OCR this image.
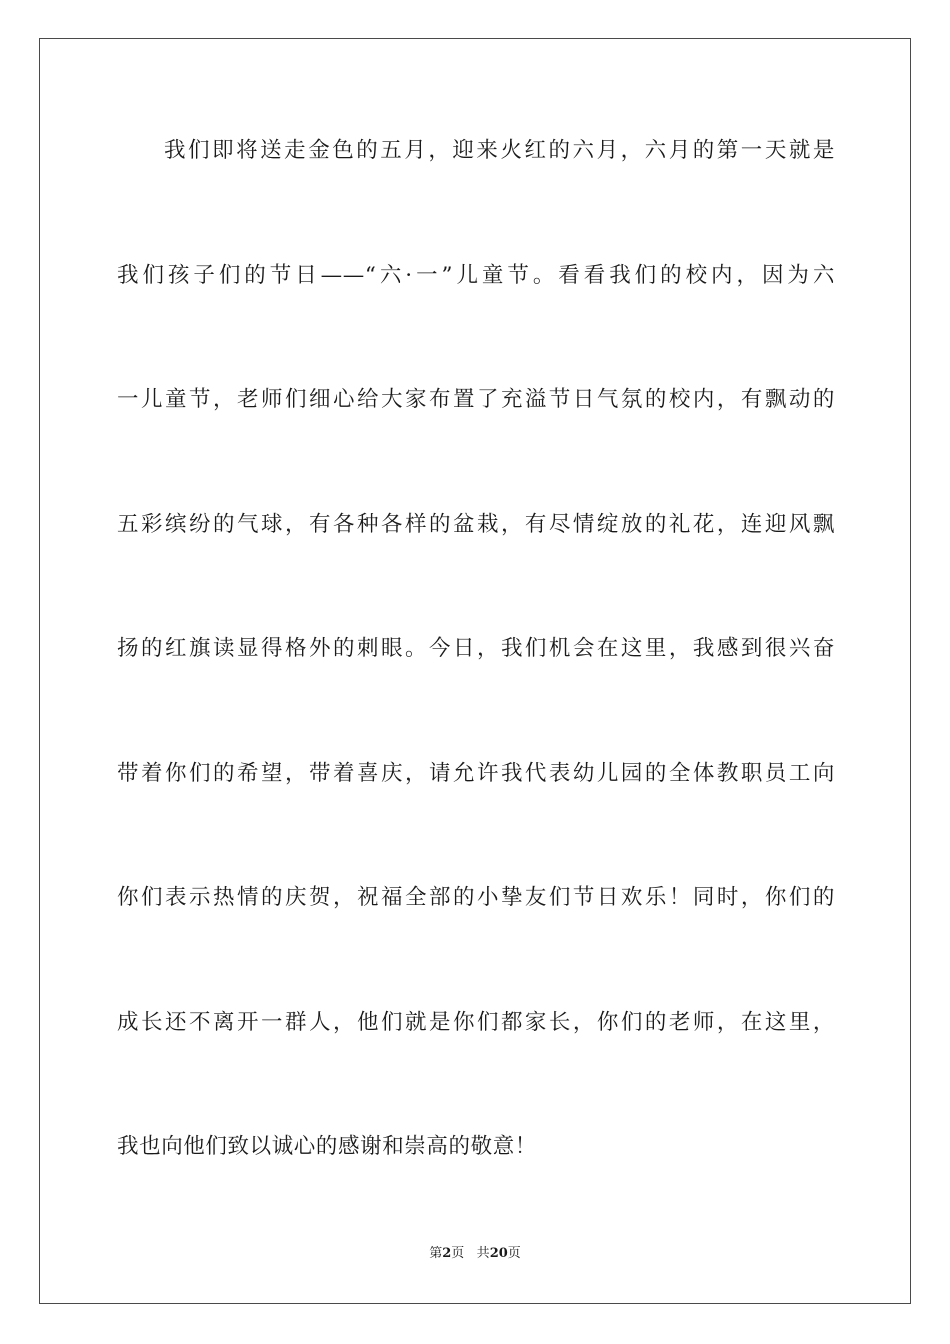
我们即将送走金色的五月，迎来火红的六月，六月的第一天就是
我们孩子们的节日——“六·一”儿童节。看看我们的校内，因为六
一儿童节，老师们细心给大家布置了充溢节日气氛的校内，有飘动的
五彩缤纷的气球，有各种各样的盆栽，有尽情绽放的礼花，连迎风飘
扬的红旗读显得格外的刺眼。今日，我们机会在这里，我感到很兴奋
带着你们的希望，带着喜庆，请允许我代表幼儿园的全体教职员工向
你们表示热情的庆贺，祝福全部的小挚友们节日欢乐！同时，你们的
成长还不离开一群人，他们就是你们都家长，你们的老师，在这里，
我也向他们致以诚心的感谢和崇高的敬意！
第2页 共20页
